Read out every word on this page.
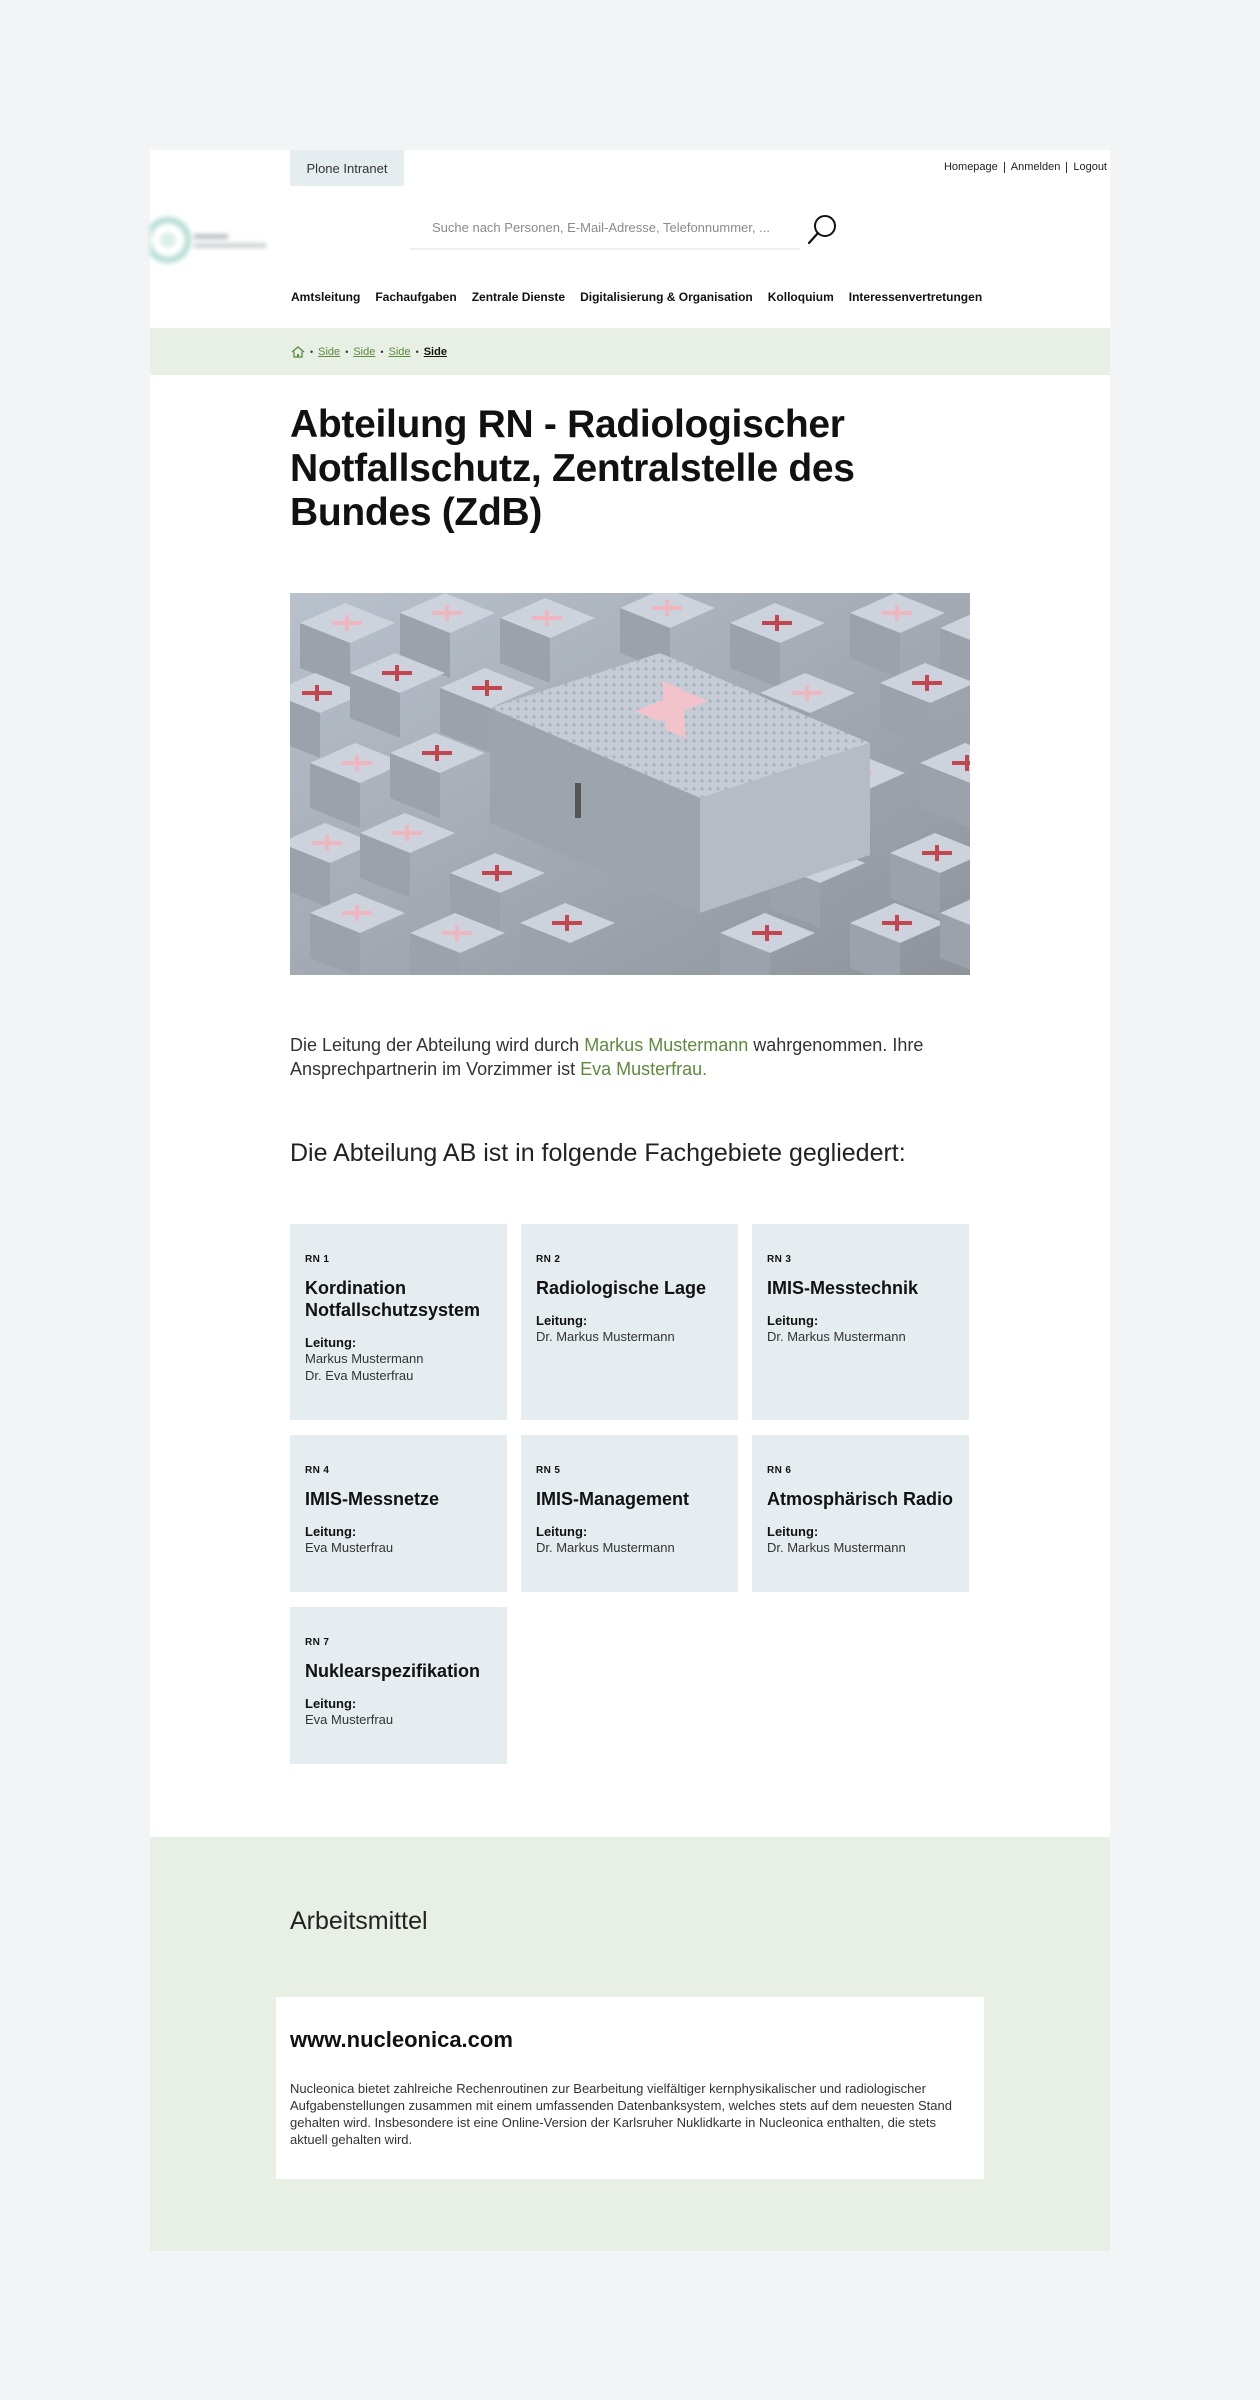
Plone Intranet	Homepage Anmelden Logout
Suche nach Personen, E-Mail-Adresse, Telefonnummer, ...
Amtsleitung Fachaufgaben Zentrale Dienste Digitalisierung & Organisation Kolloquium Interessenvertretungen
• Side • Side • Side • Side
Abteilung RN - Radiologischer Notfallschutz, Zentralstelle des Bundes (ZdB)

Die Leitung der Abteilung wird durch Markus Mustermann wahrgenommen. Ihre Ansprechpartnerin im Vorzimmer ist Eva Musterfrau.

Die Abteilung AB ist in folgende Fachgebiete gegliedert:
RN 1
Kordination Notfallschutzsystem
Leitung:
Markus Mustermann
Dr. Eva Musterfrau
RN 2
Radiologische Lage
Leitung:
Dr. Markus Mustermann
RN 3
IMIS-Messtechnik
Leitung:
Dr. Markus Mustermann
RN 4
IMIS-Messnetze
Leitung:
Eva Musterfrau
RN 5
IMIS-Management
Leitung:
Dr. Markus Mustermann
RN 6
Atmosphärisch Radio
Leitung:
Dr. Markus Mustermann
RN 7
Nuklearspezifikation
Leitung:
Eva Musterfrau
Arbeitsmittel
www.nucleonica.com

Nucleonica bietet zahlreiche Rechenroutinen zur Bearbeitung vielfältiger kernphysikalischer und radiologischer Aufgabenstellungen zusammen mit einem umfassenden Datenbanksystem, welches stets auf dem neuesten Stand gehalten wird. Insbesondere ist eine Online-Version der Karlsruher Nuklidkarte in Nucleonica enthalten, die stets aktuell gehalten wird.
